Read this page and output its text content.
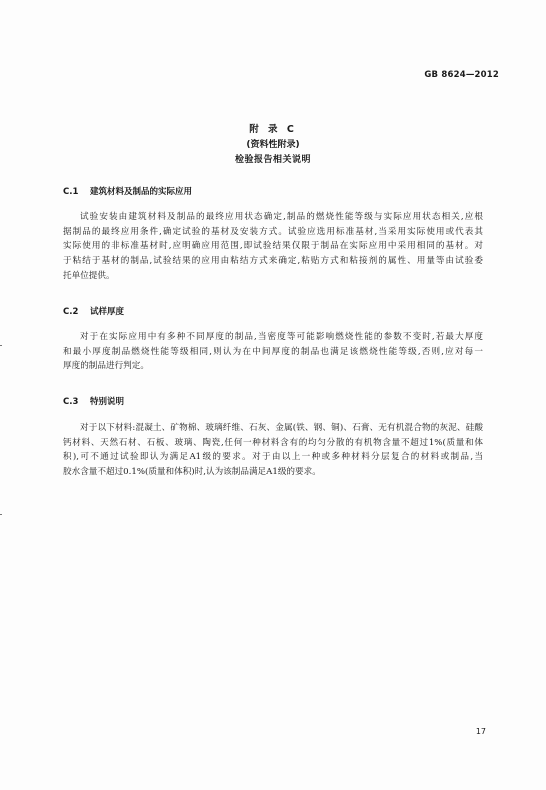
GB 8624—2012
附 录 C
(资料性附录)
检验报告相关说明
C.1 建筑材料及制品的实际应用
试验安装由建筑材料及制品的最终应用状态确定,制品的燃烧性能等级与实际应用状态相关,应根
据制品的最终应用条件,确定试验的基材及安装方式。试验应选用标准基材,当采用实际使用或代表其
实际使用的非标准基材时,应明确应用范围,即试验结果仅限于制品在实际应用中采用相同的基材。对
于粘结于基材的制品,试验结果的应用由粘结方式来确定,粘贴方式和粘接剂的属性、用量等由试验委
托单位提供。
C.2 试样厚度
对于在实际应用中有多种不同厚度的制品,当密度等可能影响燃烧性能的参数不变时,若最大厚度
和最小厚度制品燃烧性能等级相同,则认为在中间厚度的制品也满足该燃烧性能等级,否则,应对每一
厚度的制品进行判定。
C.3 特别说明
对于以下材料:混凝土、矿物棉、玻璃纤维、石灰、金属(铁、钢、铜)、石膏、无有机混合物的灰泥、硅酸
钙材料、天然石材、石板、玻璃、陶瓷,任何一种材料含有的均匀分散的有机物含量不超过1%(质量和体
积),可不通过试验即认为满足A1级的要求。对于由以上一种或多种材料分层复合的材料或制品,当
胶水含量不超过0.1%(质量和体积)时,认为该制品满足A1级的要求。
17
